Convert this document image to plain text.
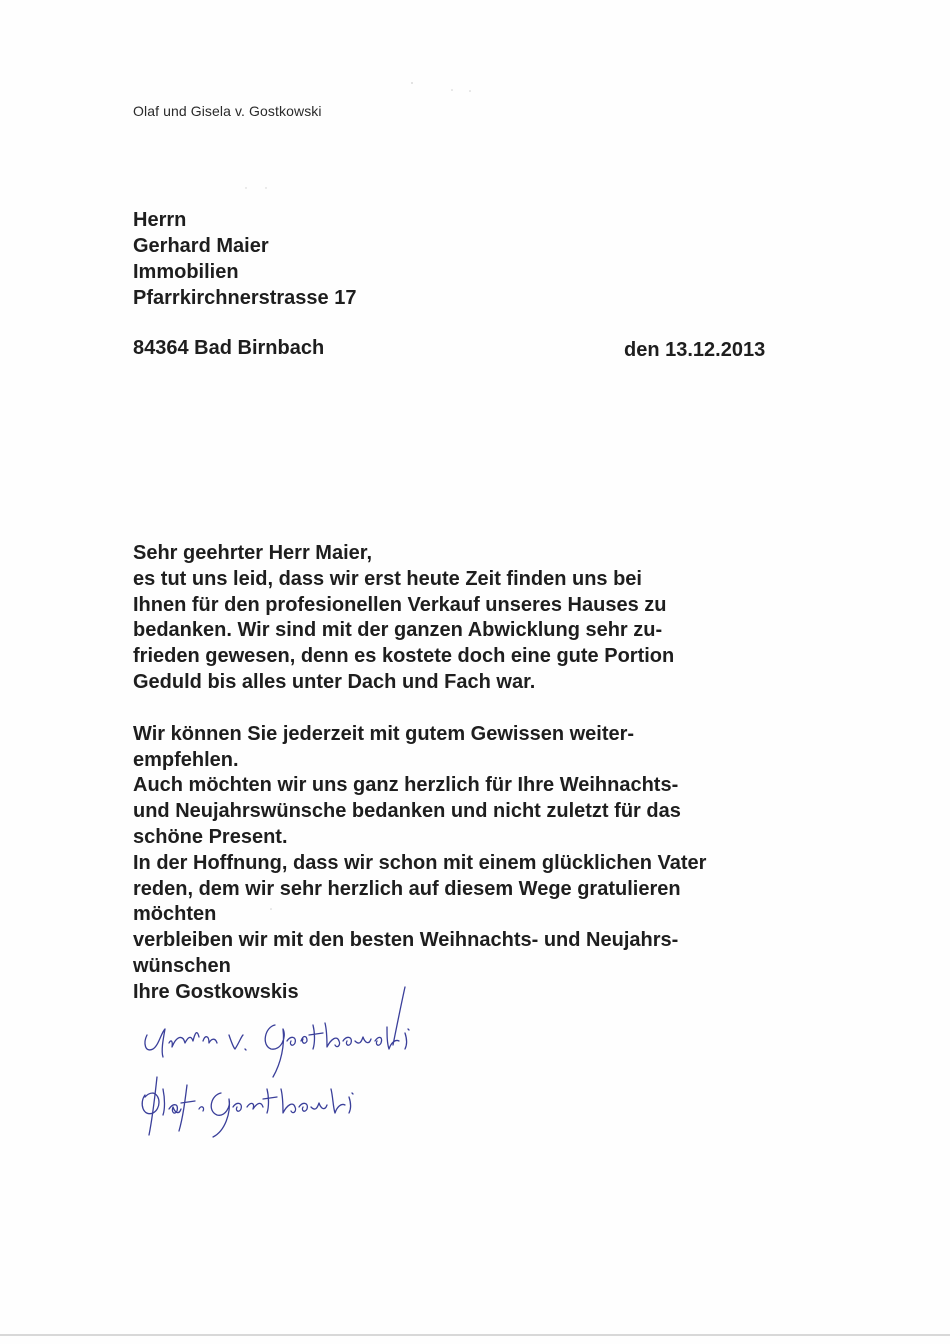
Olaf und Gisela v. Gostkowski
Herrn
Gerhard Maier
Immobilien
Pfarrkirchnerstrasse 17
84364 Bad Birnbach	den 13.12.2013
Sehr geehrter Herr Maier,
es tut uns leid, dass wir erst heute Zeit finden uns bei
Ihnen für den profesionellen Verkauf unseres Hauses zu
bedanken. Wir sind mit der ganzen Abwicklung sehr zu-
frieden gewesen, denn es kostete doch eine gute Portion
Geduld bis alles unter Dach und Fach war.
Wir können Sie jederzeit mit gutem Gewissen weiter-
empfehlen.
Auch möchten wir uns ganz herzlich für Ihre Weihnachts-
und Neujahrswünsche bedanken und nicht zuletzt für das
schöne Present.
In der Hoffnung, dass wir schon mit einem glücklichen Vater
reden, dem wir sehr herzlich auf diesem Wege gratulieren
möchten
verbleiben wir mit den besten Weihnachts- und Neujahrs-
wünschen
Ihre Gostkowskis
